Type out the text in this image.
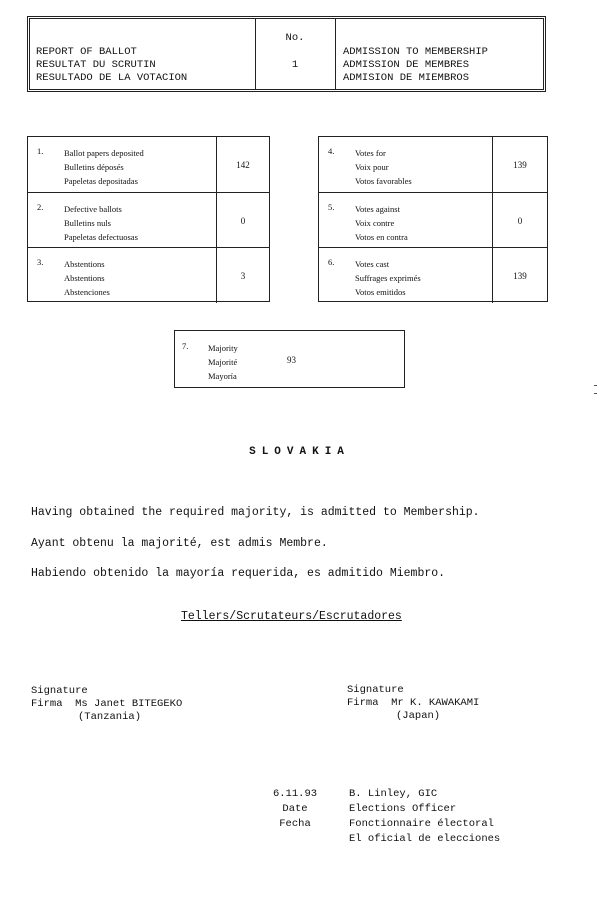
REPORT OF BALLOT
RESULTAT DU SCRUTIN
RESULTADO DE LA VOTACION
No.
1
ADMISSION TO MEMBERSHIP
ADMISSION DE MEMBRES
ADMISION DE MIEMBROS
1. Ballot papers deposited
Bulletins déposés
Papeletas depositadas
142
2. Defective ballots
Bulletins nuls
Papeletas defectuosas
0
3. Abstentions
Abstentions
Abstenciones
3
4. Votes for
Voix pour
Votos favorables
139
5. Votes against
Voix contre
Votos en contra
0
6. Votes cast
Suffrages exprimés
Votos emitidos
139
7. Majority
Majorité
Mayoría
93
SLOVAKIA
Having obtained the required majority, is admitted to Membership.
Ayant obtenu la majorité, est admis Membre.
Habiendo obtenido la mayoría requerida, es admitido Miembro.
Tellers/Scrutateurs/Escrutadores
Signature
Firma Ms Janet BITEGEKO
(Tanzania)
Signature
Firma Mr K. KAWAKAMI
(Japan)
6.11.93
Date
Fecha
B. Linley, GIC
Elections Officer
Fonctionnaire électoral
El oficial de elecciones
